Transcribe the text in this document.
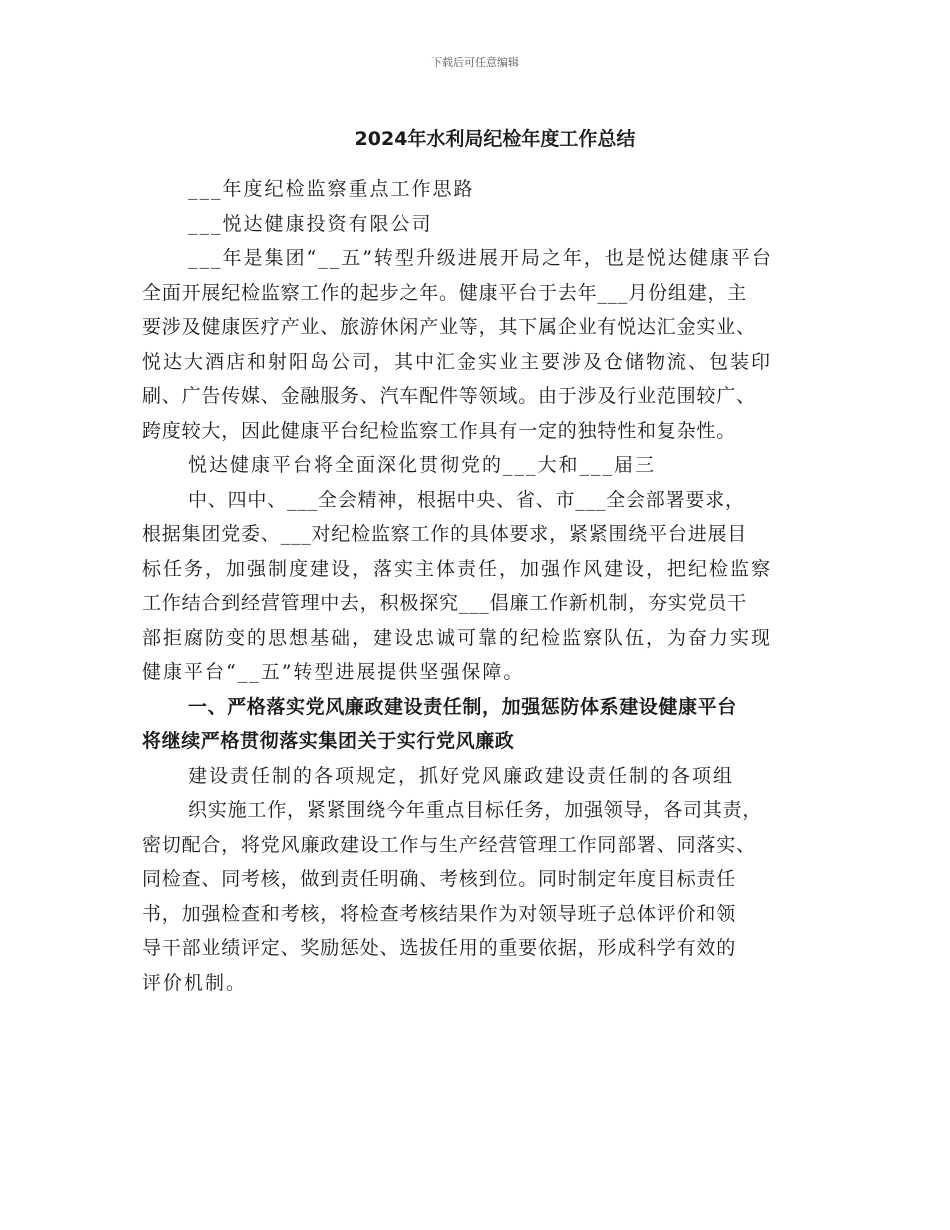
下载后可任意编辑
2024年水利局纪检年度工作总结

___年度纪检监察重点工作思路

___悦达健康投资有限公司

___年是集团“__五”转型升级进展开局之年，也是悦达健康平台

全面开展纪检监察工作的起步之年。健康平台于去年___月份组建，主

要涉及健康医疗产业、旅游休闲产业等，其下属企业有悦达汇金实业、

悦达大酒店和射阳岛公司，其中汇金实业主要涉及仓储物流、包装印

刷、广告传媒、金融服务、汽车配件等领域。由于涉及行业范围较广、

跨度较大，因此健康平台纪检监察工作具有一定的独特性和复杂性。

悦达健康平台将全面深化贯彻党的___大和___届三

中、四中、___全会精神，根据中央、省、市___全会部署要求，

根据集团党委、___对纪检监察工作的具体要求，紧紧围绕平台进展目

标任务，加强制度建设，落实主体责任，加强作风建设，把纪检监察

工作结合到经营管理中去，积极探究___倡廉工作新机制，夯实党员干

部拒腐防变的思想基础，建设忠诚可靠的纪检监察队伍，为奋力实现

健康平台“__五”转型进展提供坚强保障。

一、严格落实党风廉政建设责任制，加强惩防体系建设健康平台

将继续严格贯彻落实集团关于实行党风廉政

建设责任制的各项规定，抓好党风廉政建设责任制的各项组

织实施工作，紧紧围绕今年重点目标任务，加强领导，各司其责，

密切配合，将党风廉政建设工作与生产经营管理工作同部署、同落实、

同检查、同考核，做到责任明确、考核到位。同时制定年度目标责任

书，加强检查和考核，将检查考核结果作为对领导班子总体评价和领

导干部业绩评定、奖励惩处、选拔任用的重要依据，形成科学有效的

评价机制。
